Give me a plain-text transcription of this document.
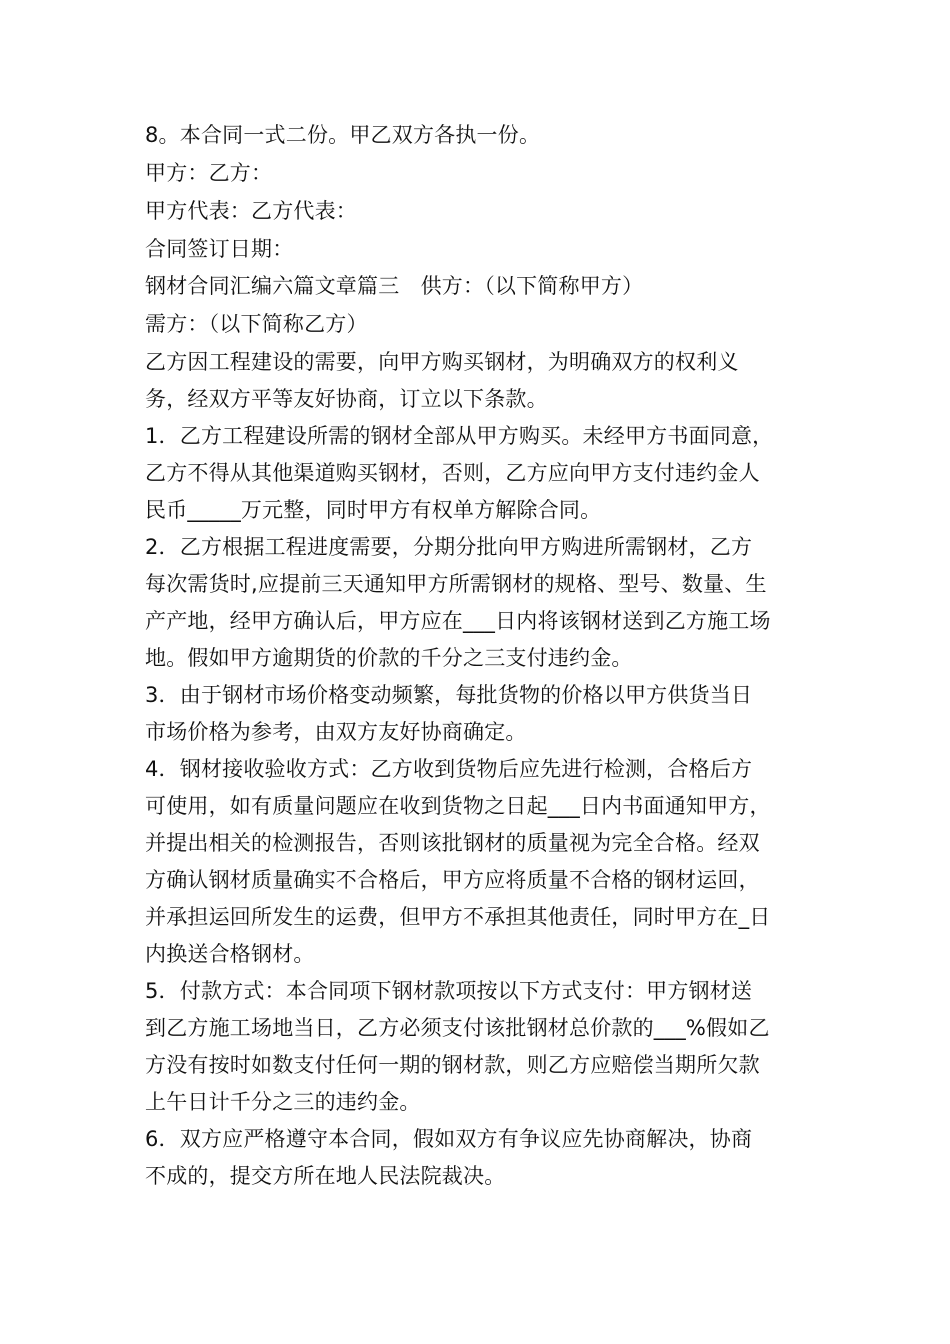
8。本合同一式二份。甲乙双方各执一份。
甲方：乙方：
甲方代表：乙方代表：
合同签订日期：
钢材合同汇编六篇文章篇三　供方：（以下简称甲方）
需方：（以下简称乙方）
乙方因工程建设的需要，向甲方购买钢材，为明确双方的权利义
务，经双方平等友好协商，订立以下条款。
1．乙方工程建设所需的钢材全部从甲方购买。未经甲方书面同意，
乙方不得从其他渠道购买钢材，否则，乙方应向甲方支付违约金人
民币_____万元整，同时甲方有权单方解除合同。
2．乙方根据工程进度需要，分期分批向甲方购进所需钢材，乙方
每次需货时,应提前三天通知甲方所需钢材的规格、型号、数量、生
产产地，经甲方确认后，甲方应在___日内将该钢材送到乙方施工场
地。假如甲方逾期货的价款的千分之三支付违约金。
3．由于钢材市场价格变动频繁，每批货物的价格以甲方供货当日
市场价格为参考，由双方友好协商确定。
4．钢材接收验收方式：乙方收到货物后应先进行检测，合格后方
可使用，如有质量问题应在收到货物之日起___日内书面通知甲方，
并提出相关的检测报告，否则该批钢材的质量视为完全合格。经双
方确认钢材质量确实不合格后，甲方应将质量不合格的钢材运回，
并承担运回所发生的运费，但甲方不承担其他责任，同时甲方在_日
内换送合格钢材。
5．付款方式：本合同项下钢材款项按以下方式支付：甲方钢材送
到乙方施工场地当日，乙方必须支付该批钢材总价款的___%假如乙
方没有按时如数支付任何一期的钢材款，则乙方应赔偿当期所欠款
上午日计千分之三的违约金。
6．双方应严格遵守本合同，假如双方有争议应先协商解决，协商
不成的，提交方所在地人民法院裁决。
